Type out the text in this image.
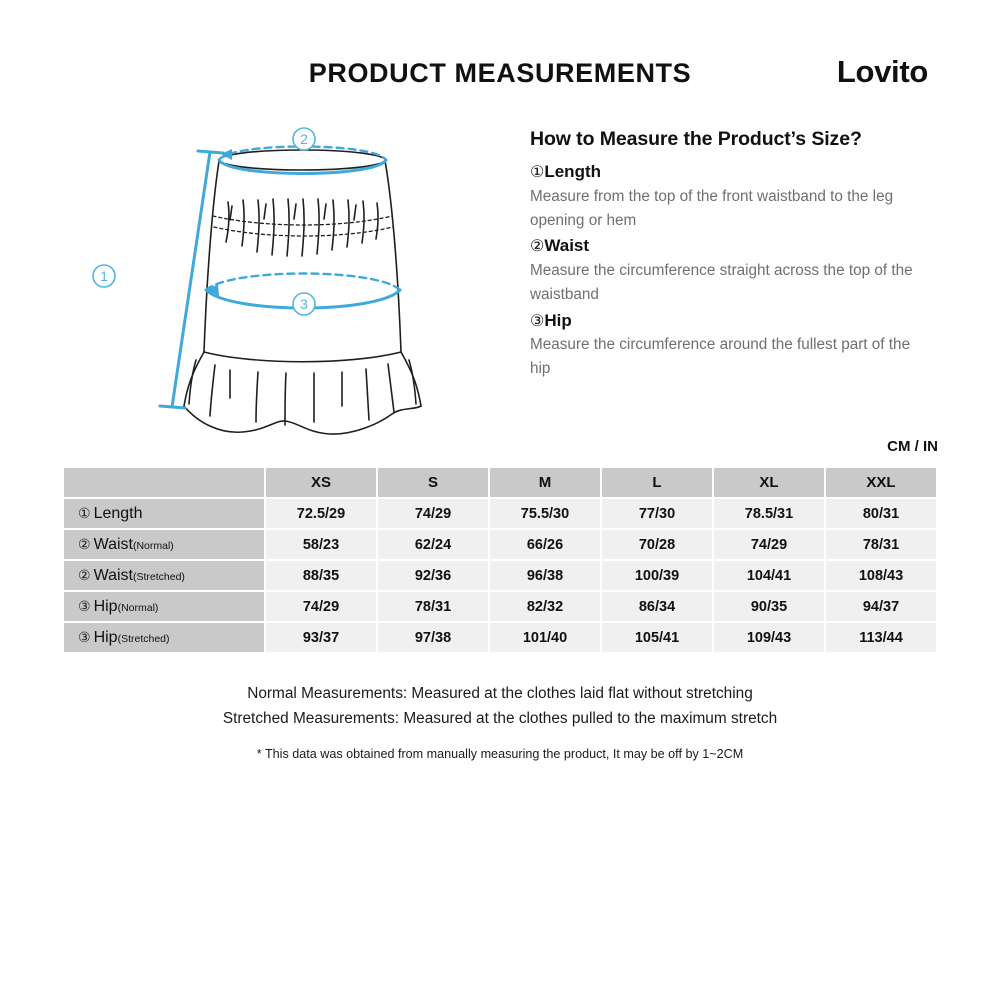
PRODUCT MEASUREMENTS	Lovito
2
3
1
How to Measure the Product’s Size?
①Length
Measure from the top of the front waistband to the leg opening or hem
②Waist
Measure the circumference straight across the top of the waistband
③Hip
Measure the circumference around the fullest part of the hip
CM / IN
	XS	S	M	L	XL	XXL
① Length	72.5/29	74/29	75.5/30	77/30	78.5/31	80/31
② Waist(Normal)	58/23	62/24	66/26	70/28	74/29	78/31
② Waist(Stretched)	88/35	92/36	96/38	100/39	104/41	108/43
③ Hip(Normal)	74/29	78/31	82/32	86/34	90/35	94/37
③ Hip(Stretched)	93/37	97/38	101/40	105/41	109/43	113/44
Normal Measurements: Measured at the clothes laid flat without stretching
Stretched Measurements: Measured at the clothes pulled to the maximum stretch
* This data was obtained from manually measuring the product, It may be off by 1~2CM
